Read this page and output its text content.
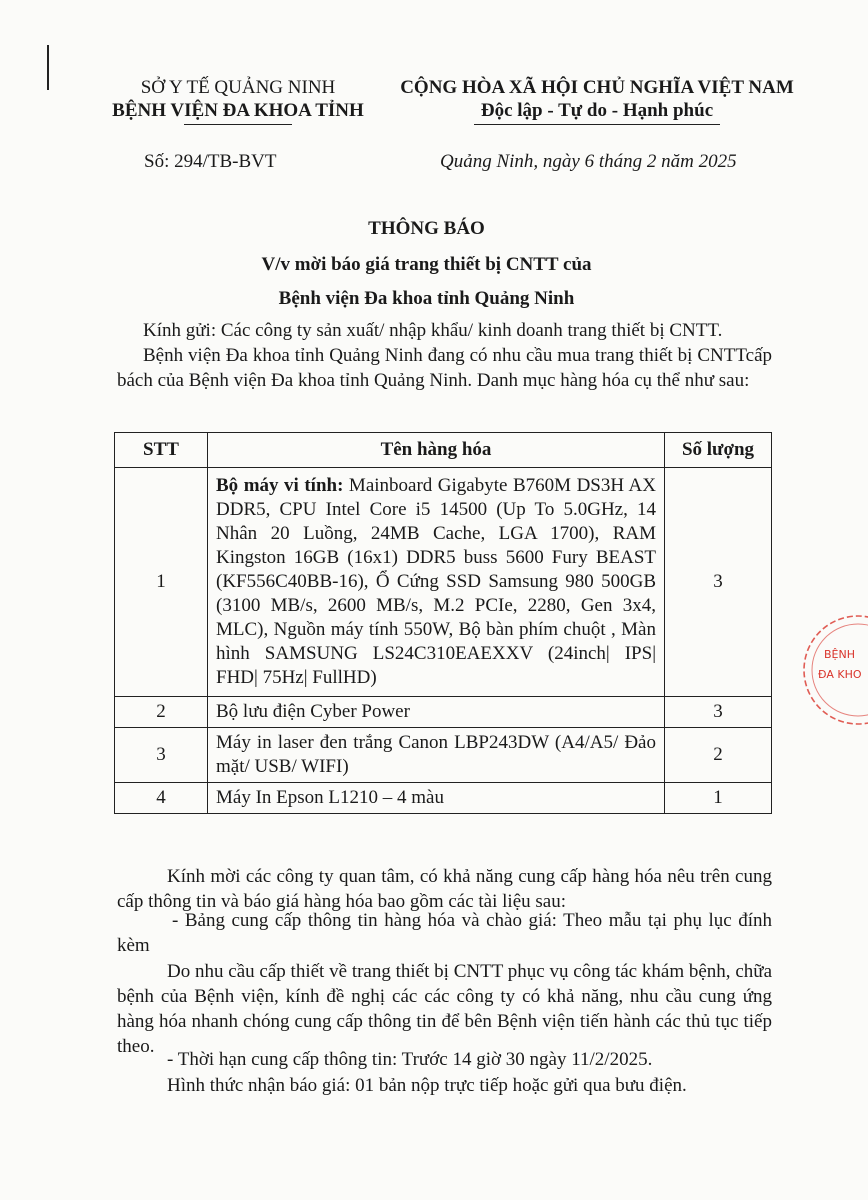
SỞ Y TẾ QUẢNG NINH
BỆNH VIỆN ĐA KHOA TỈNH
CỘNG HÒA XÃ HỘI CHỦ NGHĨA VIỆT NAM
Độc lập - Tự do - Hạnh phúc
Số: 294/TB-BVT	Quảng Ninh, ngày 6 tháng 2 năm 2025
THÔNG BÁO
V/v mời báo giá trang thiết bị CNTT của
Bệnh viện Đa khoa tỉnh Quảng Ninh
Kính gửi: Các công ty sản xuất/ nhập khẩu/ kinh doanh trang thiết bị CNTT.
Bệnh viện Đa khoa tỉnh Quảng Ninh đang có nhu cầu mua trang thiết bị CNTTcấp bách của Bệnh viện Đa khoa tỉnh Quảng Ninh. Danh mục hàng hóa cụ thể như sau:
STT	Tên hàng hóa	Số lượng
1	Bộ máy vi tính: Mainboard Gigabyte B760M DS3H AX DDR5, CPU Intel Core i5 14500 (Up To 5.0GHz, 14 Nhân 20 Luồng, 24MB Cache, LGA 1700), RAM Kingston 16GB (16x1) DDR5 buss 5600 Fury BEAST (KF556C40BB-16), Ổ Cứng SSD Samsung 980 500GB (3100 MB/s, 2600 MB/s, M.2 PCIe, 2280, Gen 3x4, MLC), Nguồn máy tính 550W, Bộ bàn phím chuột , Màn hình SAMSUNG LS24C310EAEXXV (24inch| IPS| FHD| 75Hz| FullHD)	3
2	Bộ lưu điện Cyber Power	3
3	Máy in laser đen trắng Canon LBP243DW (A4/A5/ Đảo mặt/ USB/ WIFI)	2
4	Máy In Epson L1210 – 4 màu	1
Kính mời các công ty quan tâm, có khả năng cung cấp hàng hóa nêu trên cung cấp thông tin và báo giá hàng hóa bao gồm các tài liệu sau:
- Bảng cung cấp thông tin hàng hóa và chào giá: Theo mẫu tại phụ lục đính kèm
Do nhu cầu cấp thiết về trang thiết bị CNTT phục vụ công tác khám bệnh, chữa bệnh của Bệnh viện, kính đề nghị các các công ty có khả năng, nhu cầu cung ứng hàng hóa nhanh chóng cung cấp thông tin để bên Bệnh viện tiến hành các thủ tục tiếp theo.
- Thời hạn cung cấp thông tin: Trước 14 giờ 30 ngày 11/2/2025.
Hình thức nhận báo giá: 01 bản nộp trực tiếp hoặc gửi qua bưu điện.
BỆNH
ĐA KHO
